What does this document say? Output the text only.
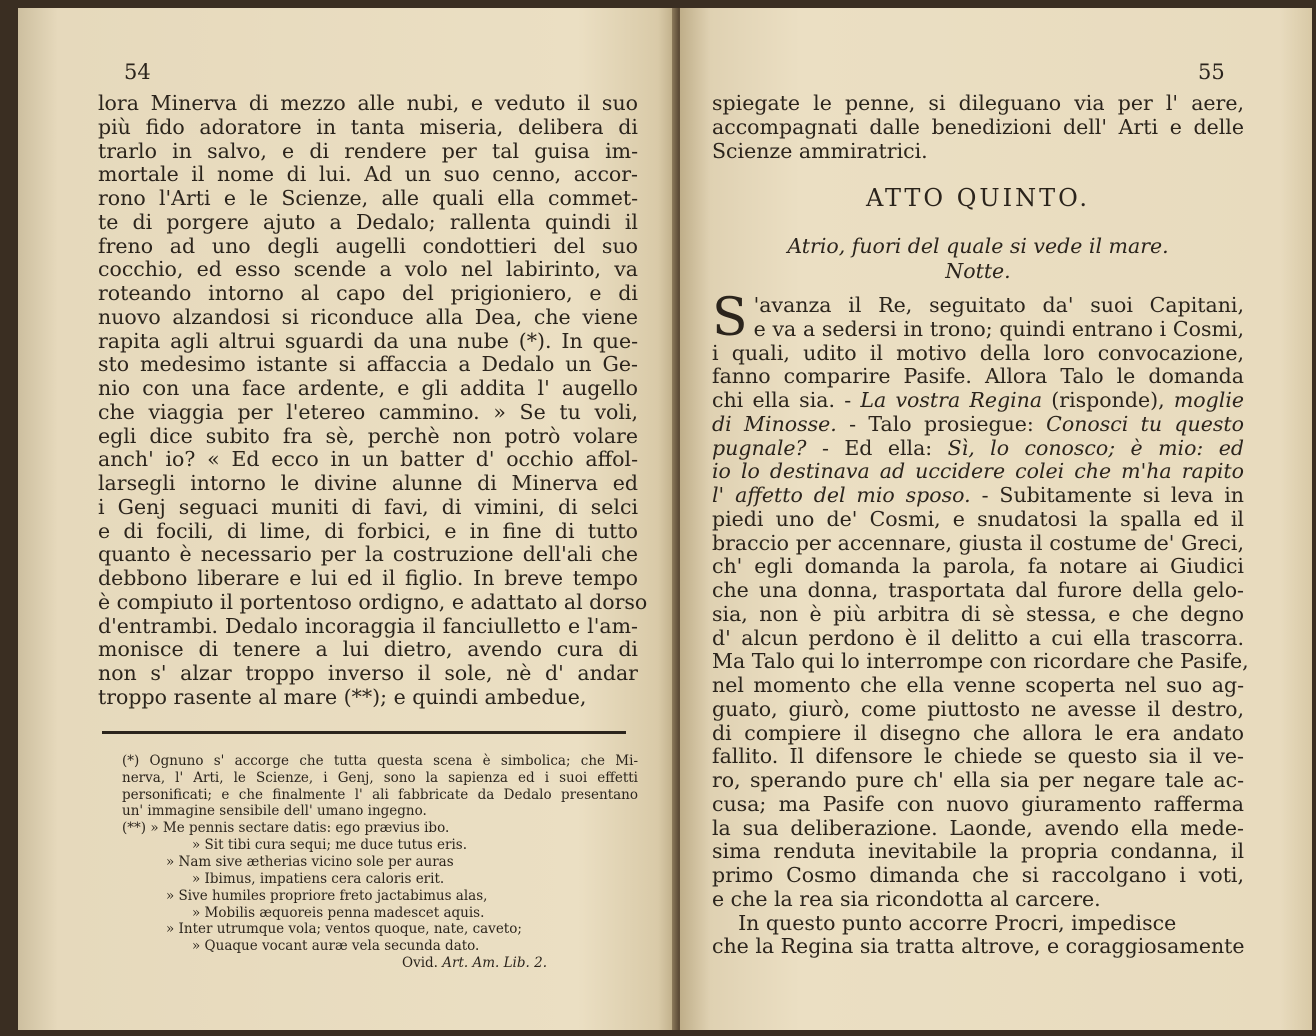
54
lora Minerva di mezzo alle nubi, e veduto il suo
più fido adoratore in tanta miseria, delibera di
trarlo in salvo, e di rendere per tal guisa im-
mortale il nome di lui. Ad un suo cenno, accor-
rono l'Arti e le Scienze, alle quali ella commet-
te di porgere ajuto a Dedalo; rallenta quindi il
freno ad uno degli augelli condottieri del suo
cocchio, ed esso scende a volo nel labirinto, va
roteando intorno al capo del prigioniero, e di
nuovo alzandosi si riconduce alla Dea, che viene
rapita agli altrui sguardi da una nube (*). In que-
sto medesimo istante si affaccia a Dedalo un Ge-
nio con una face ardente, e gli addita l' augello
che viaggia per l'etereo cammino. » Se tu voli,
egli dice subito fra sè, perchè non potrò volare
anch' io? « Ed ecco in un batter d' occhio affol-
larsegli intorno le divine alunne di Minerva ed
i Genj seguaci muniti di favi, di vimini, di selci
e di focili, di lime, di forbici, e in fine di tutto
quanto è necessario per la costruzione dell'ali che
debbono liberare e lui ed il figlio. In breve tempo
è compiuto il portentoso ordigno, e adattato al dorso
d'entrambi. Dedalo incoraggia il fanciulletto e l'am-
monisce di tenere a lui dietro, avendo cura di
non s' alzar troppo inverso il sole, nè d' andar
troppo rasente al mare (**); e quindi ambedue,
(*) Ognuno s' accorge che tutta questa scena è simbolica; che Mi-
nerva, l' Arti, le Scienze, i Genj, sono la sapienza ed i suoi effetti
personificati; e che finalmente l' ali fabbricate da Dedalo presentano
un' immagine sensibile dell' umano ingegno.
(**) » Me pennis sectare datis: ego prævius ibo.
» Sit tibi cura sequi; me duce tutus eris.
» Nam sive ætherias vicino sole per auras
» Ibimus, impatiens cera caloris erit.
» Sive humiles propriore freto jactabimus alas,
» Mobilis æquoreis penna madescet aquis.
» Inter utrumque vola; ventos quoque, nate, caveto;
» Quaque vocant auræ vela secunda dato.
Ovid. Art. Am. Lib. 2.
55
spiegate le penne, si dileguano via per l' aere,
accompagnati dalle benedizioni dell' Arti e delle
Scienze ammiratrici.
ATTO QUINTO.
Atrio, fuori del quale si vede il mare.
Notte.
S 'avanza il Re, seguitato da' suoi Capitani,
e va a sedersi in trono; quindi entrano i Cosmi,
i quali, udito il motivo della loro convocazione,
fanno comparire Pasife. Allora Talo le domanda
chi ella sia. - La vostra Regina (risponde), moglie
di Minosse. - Talo prosiegue: Conosci tu questo
pugnale? - Ed ella: Sì, lo conosco; è mio: ed
io lo destinava ad uccidere colei che m'ha rapito
l' affetto del mio sposo. - Subitamente si leva in
piedi uno de' Cosmi, e snudatosi la spalla ed il
braccio per accennare, giusta il costume de' Greci,
ch' egli domanda la parola, fa notare ai Giudici
che una donna, trasportata dal furore della gelo-
sia, non è più arbitra di sè stessa, e che degno
d' alcun perdono è il delitto a cui ella trascorra.
Ma Talo qui lo interrompe con ricordare che Pasife,
nel momento che ella venne scoperta nel suo ag-
guato, giurò, come piuttosto ne avesse il destro,
di compiere il disegno che allora le era andato
fallito. Il difensore le chiede se questo sia il ve-
ro, sperando pure ch' ella sia per negare tale ac-
cusa; ma Pasife con nuovo giuramento rafferma
la sua deliberazione. Laonde, avendo ella mede-
sima renduta inevitabile la propria condanna, il
primo Cosmo dimanda che si raccolgano i voti,
e che la rea sia ricondotta al carcere.
In questo punto accorre Procri, impedisce
che la Regina sia tratta altrove, e coraggiosamente
